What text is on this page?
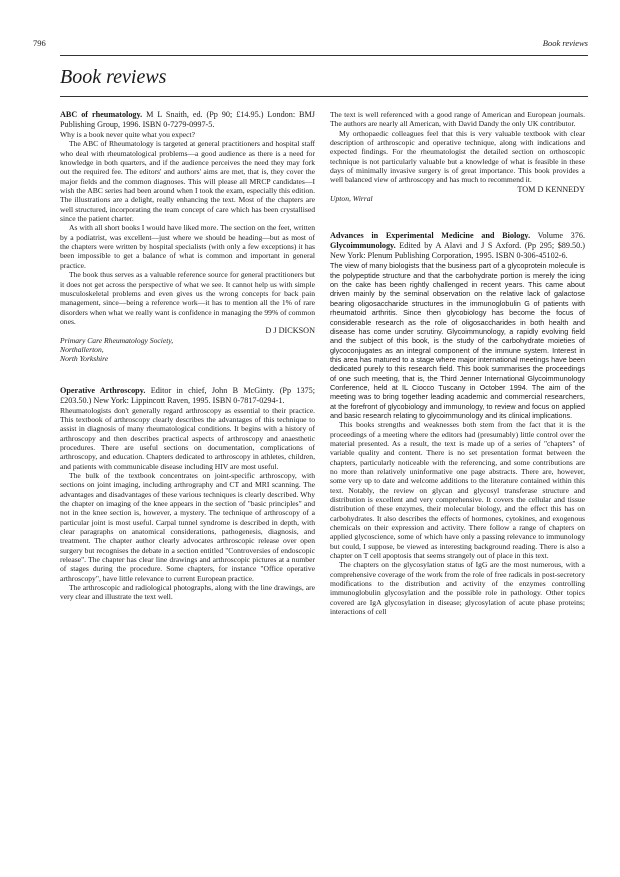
796	Book reviews
Book reviews

ABC of rheumatology. M L Snaith, ed. (Pp 90; £14.95.) London: BMJ Publishing Group, 1996. ISBN 0-7279-0997-5.

Why is a book never quite what you expect?

The ABC of Rheumatology is targeted at general practitioners and hospital staff who deal with rheumatological problems—a good audience as there is a need for knowledge in both quarters, and if the audience perceives the need they may fork out the required fee. The editors' and authors' aims are met, that is, they cover the major fields and the common diagnoses. This will please all MRCP candidates—I wish the ABC series had been around when I took the exam, especially this edition. The illustrations are a delight, really enhancing the text. Most of the chapters are well structured, incorporating the team concept of care which has been crystallised since the patient charter.

As with all short books I would have liked more. The section on the feet, written by a podiatrist, was excellent—just where we should be heading—but as most of the chapters were written by hospital specialists (with only a few exceptions) it has been impossible to get a balance of what is common and important in general practice.

The book thus serves as a valuable reference source for general practitioners but it does not get across the perspective of what we see. It cannot help us with simple musculoskeletal problems and even gives us the wrong concepts for back pain management, since—being a reference work—it has to mention all the 1% of rare disorders when what we really want is confidence in managing the 99% of common ones.

D J DICKSON

Primary Care Rheumatology Society,

Northallerton,

North Yorkshire

Operative Arthroscopy. Editor in chief, John B McGinty. (Pp 1375; £203.50.) New York: Lippincott Raven, 1995. ISBN 0-7817-0294-1.

Rheumatologists don't generally regard arthroscopy as essential to their practice. This textbook of arthroscopy clearly describes the advantages of this technique to assist in diagnosis of many rheumatological conditions. It begins with a history of arthroscopy and then describes practical aspects of arthroscopy and anaesthetic procedures. There are useful sections on documentation, complications of arthroscopy, and education. Chapters dedicated to arthroscopy in athletes, children, and patients with communicable disease including HIV are most useful.

The bulk of the textbook concentrates on joint-specific arthroscopy, with sections on joint imaging, including arthrography and CT and MRI scanning. The advantages and disadvantages of these various techniques is clearly described. Why the chapter on imaging of the knee appears in the section of "basic principles" and not in the knee section is, however, a mystery. The technique of arthroscopy of a particular joint is most useful. Carpal tunnel syndrome is described in depth, with clear paragraphs on anatomical considerations, pathogenesis, diagnosis, and treatment. The chapter author clearly advocates arthroscopic release over open surgery but recognises the debate in a section entitled "Controversies of endoscopic release". The chapter has clear line drawings and arthroscopic pictures at a number of stages during the procedure. Some chapters, for instance "Office operative arthroscopy", have little relevance to current European practice.

The arthroscopic and radiological photographs, along with the line drawings, are very clear and illustrate the text well.

The text is well referenced with a good range of American and European journals. The authors are nearly all American, with David Dandy the only UK contributor.

My orthopaedic colleagues feel that this is very valuable textbook with clear description of arthroscopic and operative technique, along with indications and expected findings. For the rheumatologist the detailed section on orthoscopic technique is not particularly valuable but a knowledge of what is feasible in these days of minimally invasive surgery is of great importance. This book provides a well balanced view of arthroscopy and has much to recommend it.

TOM D KENNEDY

Upton, Wirral

Advances in Experimental Medicine and Biology. Volume 376. Glycoimmunology. Edited by A Alavi and J S Axford. (Pp 295; $89.50.) New York: Plenum Publishing Corporation, 1995. ISBN 0-306-45102-6.

The view of many biologists that the business part of a glycoprotein molecule is the polypeptide structure and that the carbohydrate portion is merely the icing on the cake has been rightly challenged in recent years. This came about driven mainly by the seminal observation on the relative lack of galactose bearing oligosaccharide structures in the immunoglobulin G of patients with rheumatoid arthritis. Since then glycobiology has become the focus of considerable research as the role of oligosaccharides in both health and disease has come under scrutiny. Glycoimmunology, a rapidly evolving field and the subject of this book, is the study of the carbohydrate moieties of glycoconjugates as an integral component of the immune system. Interest in this area has matured to a stage where major international meetings have been dedicated purely to this research field. This book summarises the proceedings of one such meeting, that is, the Third Jenner International Glycoimmunology Conference, held at IL Ciocco Tuscany in October 1994. The aim of the meeting was to bring together leading academic and commercial researchers, at the forefront of glycobiology and immunology, to review and focus on applied and basic research relating to glycoimmunology and its clinical implications.

This books strengths and weaknesses both stem from the fact that it is the proceedings of a meeting where the editors had (presumably) little control over the material presented. As a result, the text is made up of a series of "chapters" of variable quality and content. There is no set presentation format between the chapters, particularly noticeable with the referencing, and some contributions are no more than relatively uninformative one page abstracts. There are, however, some very up to date and welcome additions to the literature contained within this text. Notably, the review on glycan and glycosyl transferase structure and distribution is excellent and very comprehensive. It covers the cellular and tissue distribution of these enzymes, their molecular biology, and the effect this has on carbohydrates. It also describes the effects of hormones, cytokines, and exogenous chemicals on their expression and activity. There follow a range of chapters on applied glycoscience, some of which have only a passing relevance to immunology but could, I suppose, be viewed as interesting background reading. There is also a chapter on T cell apoptosis that seems strangely out of place in this text.

The chapters on the glycosylation status of IgG are the most numerous, with a comprehensive coverage of the work from the role of free radicals in post-secretory modifications to the distribution and activity of the enzymes controlling immunoglobulin glycosylation and the possible role in pathology. Other topics covered are IgA glycosylation in disease; glycosylation of acute phase proteins; interactions of cell
